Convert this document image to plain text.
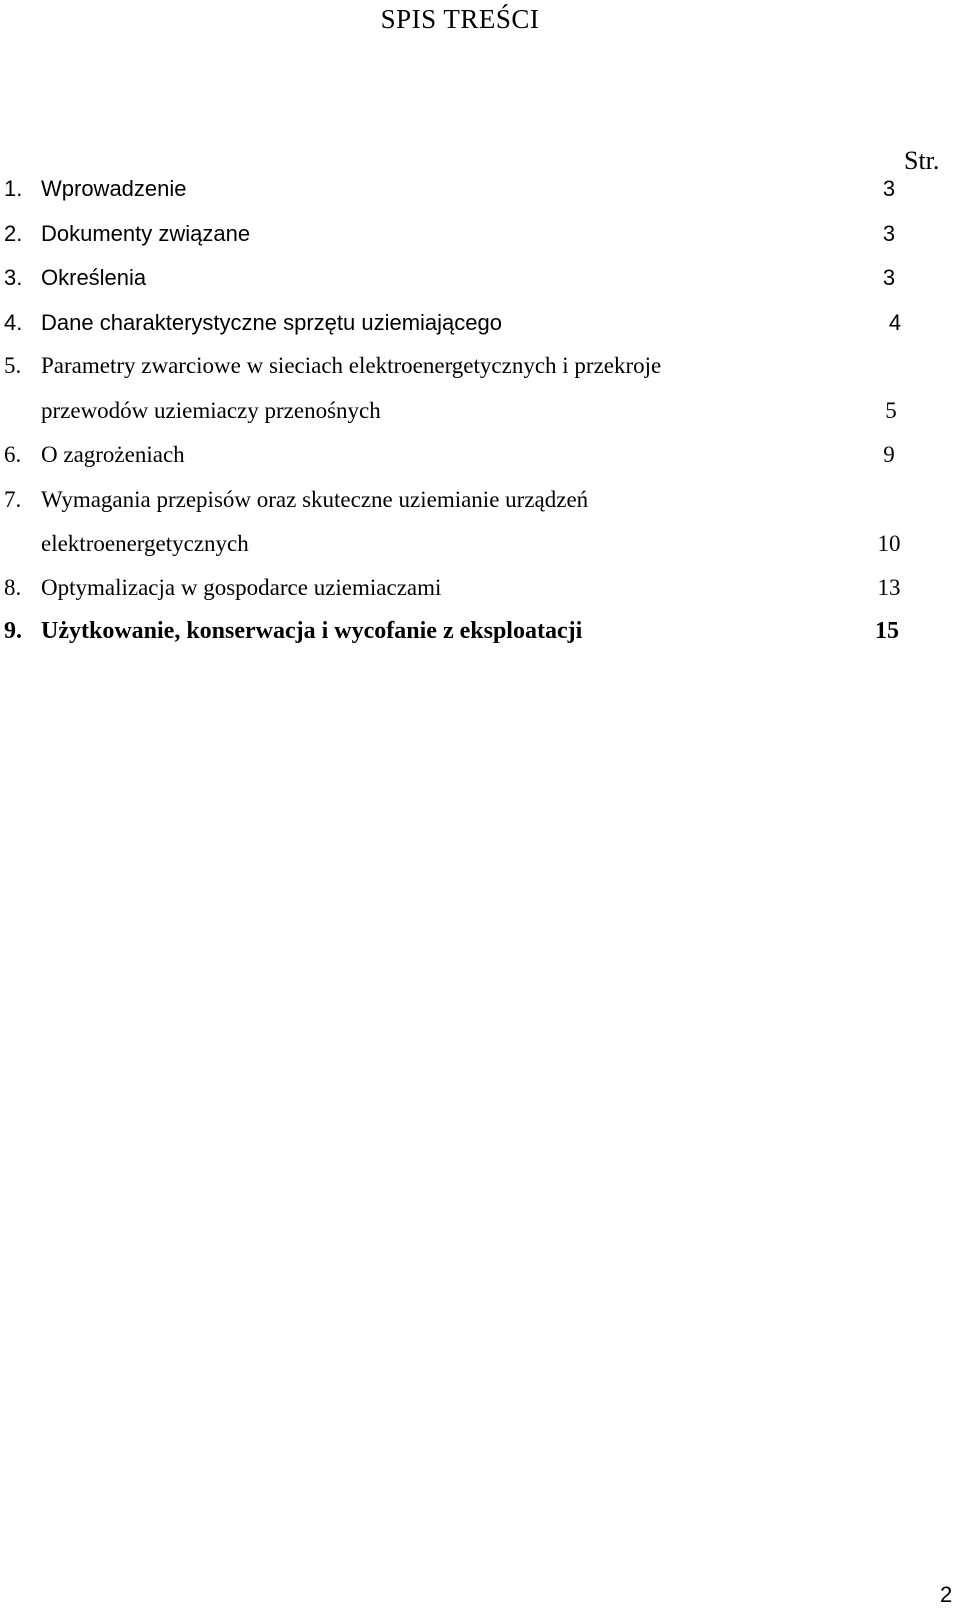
SPIS TREŚCI
Str.
1. Wprowadzenie	3
2. Dokumenty związane	3
3. Określenia	3
4. Dane charakterystyczne sprzętu uziemiającego	4
5. Parametry zwarciowe w sieciach elektroenergetycznych i przekroje
przewodów uziemiaczy przenośnych	5
6. O zagrożeniach	9
7. Wymagania przepisów oraz skuteczne uziemianie urządzeń
elektroenergetycznych	10
8. Optymalizacja w gospodarce uziemiaczami	13
9. Użytkowanie, konserwacja i wycofanie z eksploatacji	15
2
